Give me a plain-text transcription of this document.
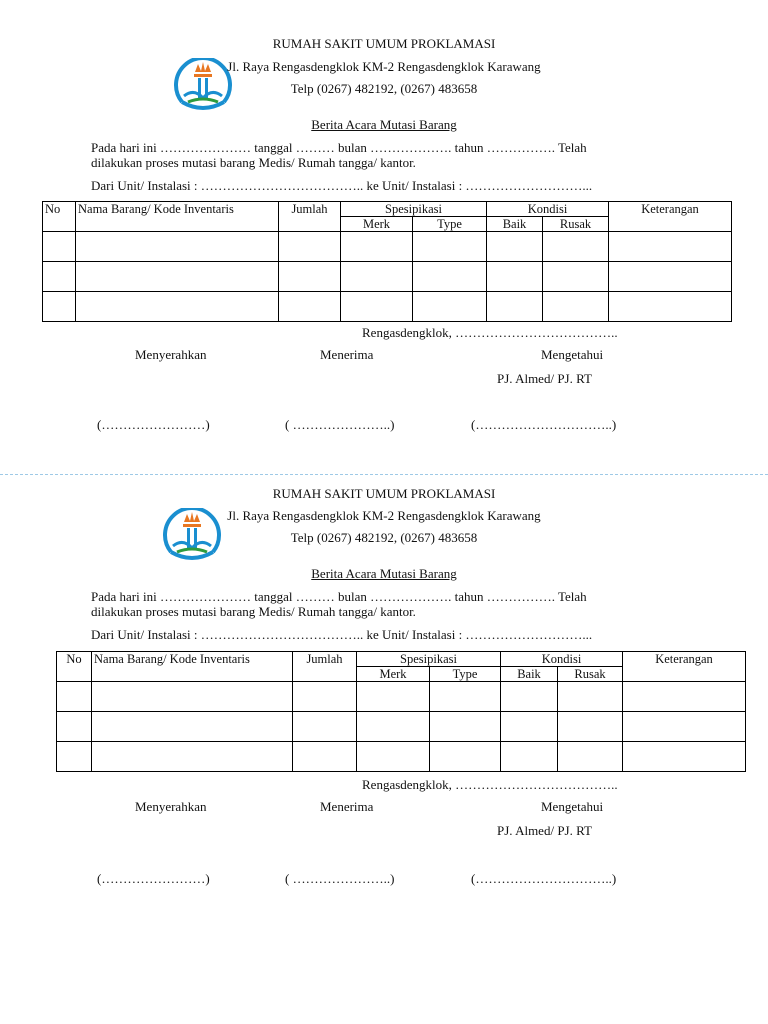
RUMAH SAKIT UMUM PROKLAMASI
Jl. Raya Rengasdengklok KM-2 Rengasdengklok Karawang
Telp (0267) 482192, (0267) 483658
Berita Acara Mutasi Barang
Pada hari ini ………………… tanggal ……… bulan ………………. tahun ……………. Telah
dilakukan proses mutasi barang Medis/ Rumah tangga/ kantor.
Dari Unit/ Instalasi : ……………………………….. ke Unit/ Instalasi : ………………………...
No	Nama Barang/ Kode Inventaris	Jumlah	Spesipikasi		Kondisi		Keterangan
			Merk	Type	Baik	Rusak	

Rengasdengklok, ………………………………..
Menyerahkan	Menerima	Mengetahui
PJ. Almed/ PJ. RT
(……………………)	( …………………..)	(…………………………..)
RUMAH SAKIT UMUM PROKLAMASI
Jl. Raya Rengasdengklok KM-2 Rengasdengklok Karawang
Telp (0267) 482192, (0267) 483658
Berita Acara Mutasi Barang
Pada hari ini ………………… tanggal ……… bulan ………………. tahun ……………. Telah
dilakukan proses mutasi barang Medis/ Rumah tangga/ kantor.
Dari Unit/ Instalasi : ……………………………….. ke Unit/ Instalasi : ………………………...
No	Nama Barang/ Kode Inventaris	Jumlah	Spesipikasi		Kondisi		Keterangan
			Merk	Type	Baik	Rusak	

Rengasdengklok, ………………………………..
Menyerahkan	Menerima	Mengetahui
PJ. Almed/ PJ. RT
(……………………)	( …………………..)	(…………………………..)
